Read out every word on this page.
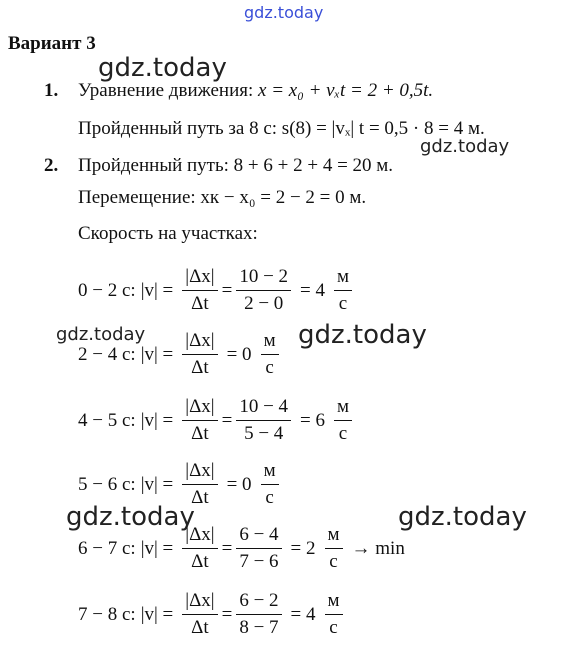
gdz.today
gdz.today
gdz.today
gdz.today	gdz.today
gdz.today	gdz.today
Вариант 3
1. Уравнение движения: x = x₀ + vₓt = 2 + 0,5t.
Пройденный путь за 8 с: s(8) = |vₓ| t = 0,5 · 8 = 4 м.
2. Пройденный путь: 8 + 6 + 2 + 4 = 20 м.
Перемещение: xк − x₀ = 2 − 2 = 0 м.
Скорость на участках:
0 − 2 с: $|v| = \frac{|\Delta x|}{\Delta t} = \frac{10 - 2}{2 - 0} = 4 \frac{м}{с}$
2 − 4 с: $|v| = \frac{|\Delta x|}{\Delta t} = 0 \frac{м}{с}$
4 − 5 с: $|v| = \frac{|\Delta x|}{\Delta t} = \frac{10 - 4}{5 - 4} = 6 \frac{м}{с}$
5 − 6 с: $|v| = \frac{|\Delta x|}{\Delta t} = 0 \frac{м}{с}$
6 − 7 с: $|v| = \frac{|\Delta x|}{\Delta t} = \frac{6 - 4}{7 - 6} = 2 \frac{м}{с} \to \min$
7 − 8 с: $|v| = \frac{|\Delta x|}{\Delta t} = \frac{6 - 2}{8 - 7} = 4 \frac{м}{с}$
